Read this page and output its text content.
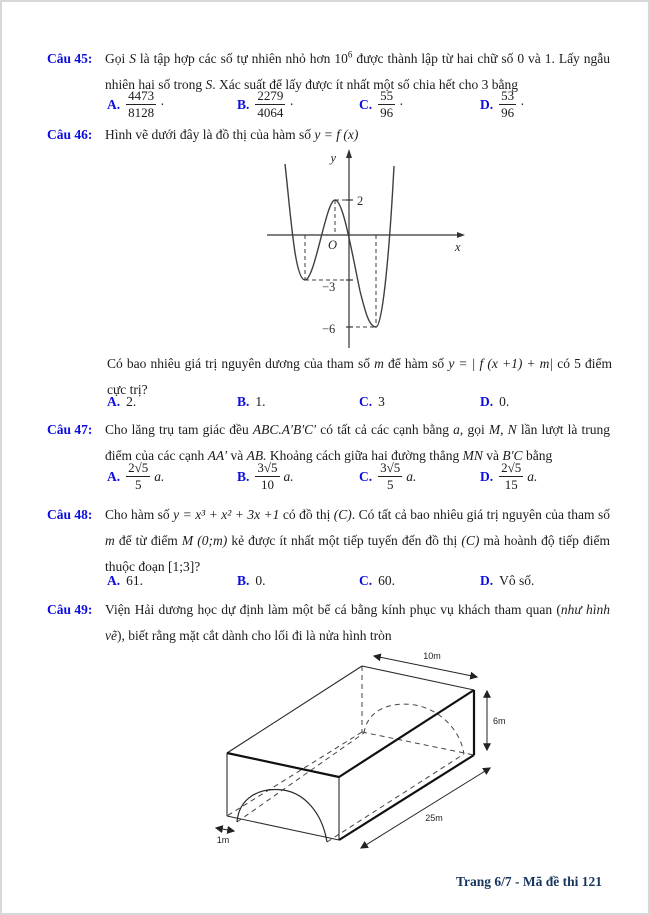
Câu 45: Gọi S là tập hợp các số tự nhiên nhỏ hơn $10^6$ được thành lập từ hai chữ số 0 và 1. Lấy ngẫu nhiên hai số trong S. Xác suất để lấy được ít nhất một số chia hết cho 3 bằng
A. $\frac{4473}{8128}$ ·	B. $\frac{2279}{4064}$ ·	C. $\frac{55}{96}$ ·	D. $\frac{53}{96}$ ·
Câu 46: Hình vẽ dưới đây là đồ thị của hàm số y = f (x)
y
x
O
2
−3
−6
Có bao nhiêu giá trị nguyên dương của tham số m để hàm số y = | f (x +1) + m| có 5 điểm cực trị?
A. 2.	B. 1.	C. 3	D. 0.
Câu 47: Cho lăng trụ tam giác đều ABC.A′B′C′ có tất cả các cạnh bằng a, gọi M, N lần lượt là trung điểm của các cạnh AA′ và AB. Khoảng cách giữa hai đường thẳng MN và B′C bằng
A. $\frac{2√5}{5} a$.	B. $\frac{3√5}{10} a$.	C. $\frac{3√5}{5} a$.	D. $\frac{2√5}{15} a$.
Câu 48: Cho hàm số y = x³ + x² + 3x +1 có đồ thị (C). Có tất cả bao nhiêu giá trị nguyên của tham số m để từ điểm M (0;m) kẻ được ít nhất một tiếp tuyến đến đồ thị (C) mà hoành độ tiếp điểm thuộc đoạn [1;3]?
A. 61.	B. 0.	C. 60.	D. Vô số.
Câu 49: Viện Hải dương học dự định làm một bể cá bằng kính phục vụ khách tham quan (như hình vẽ), biết rằng mặt cắt dành cho lối đi là nửa hình tròn
10m
6m
25m
1m
Trang 6/7 - Mã đề thi 121
